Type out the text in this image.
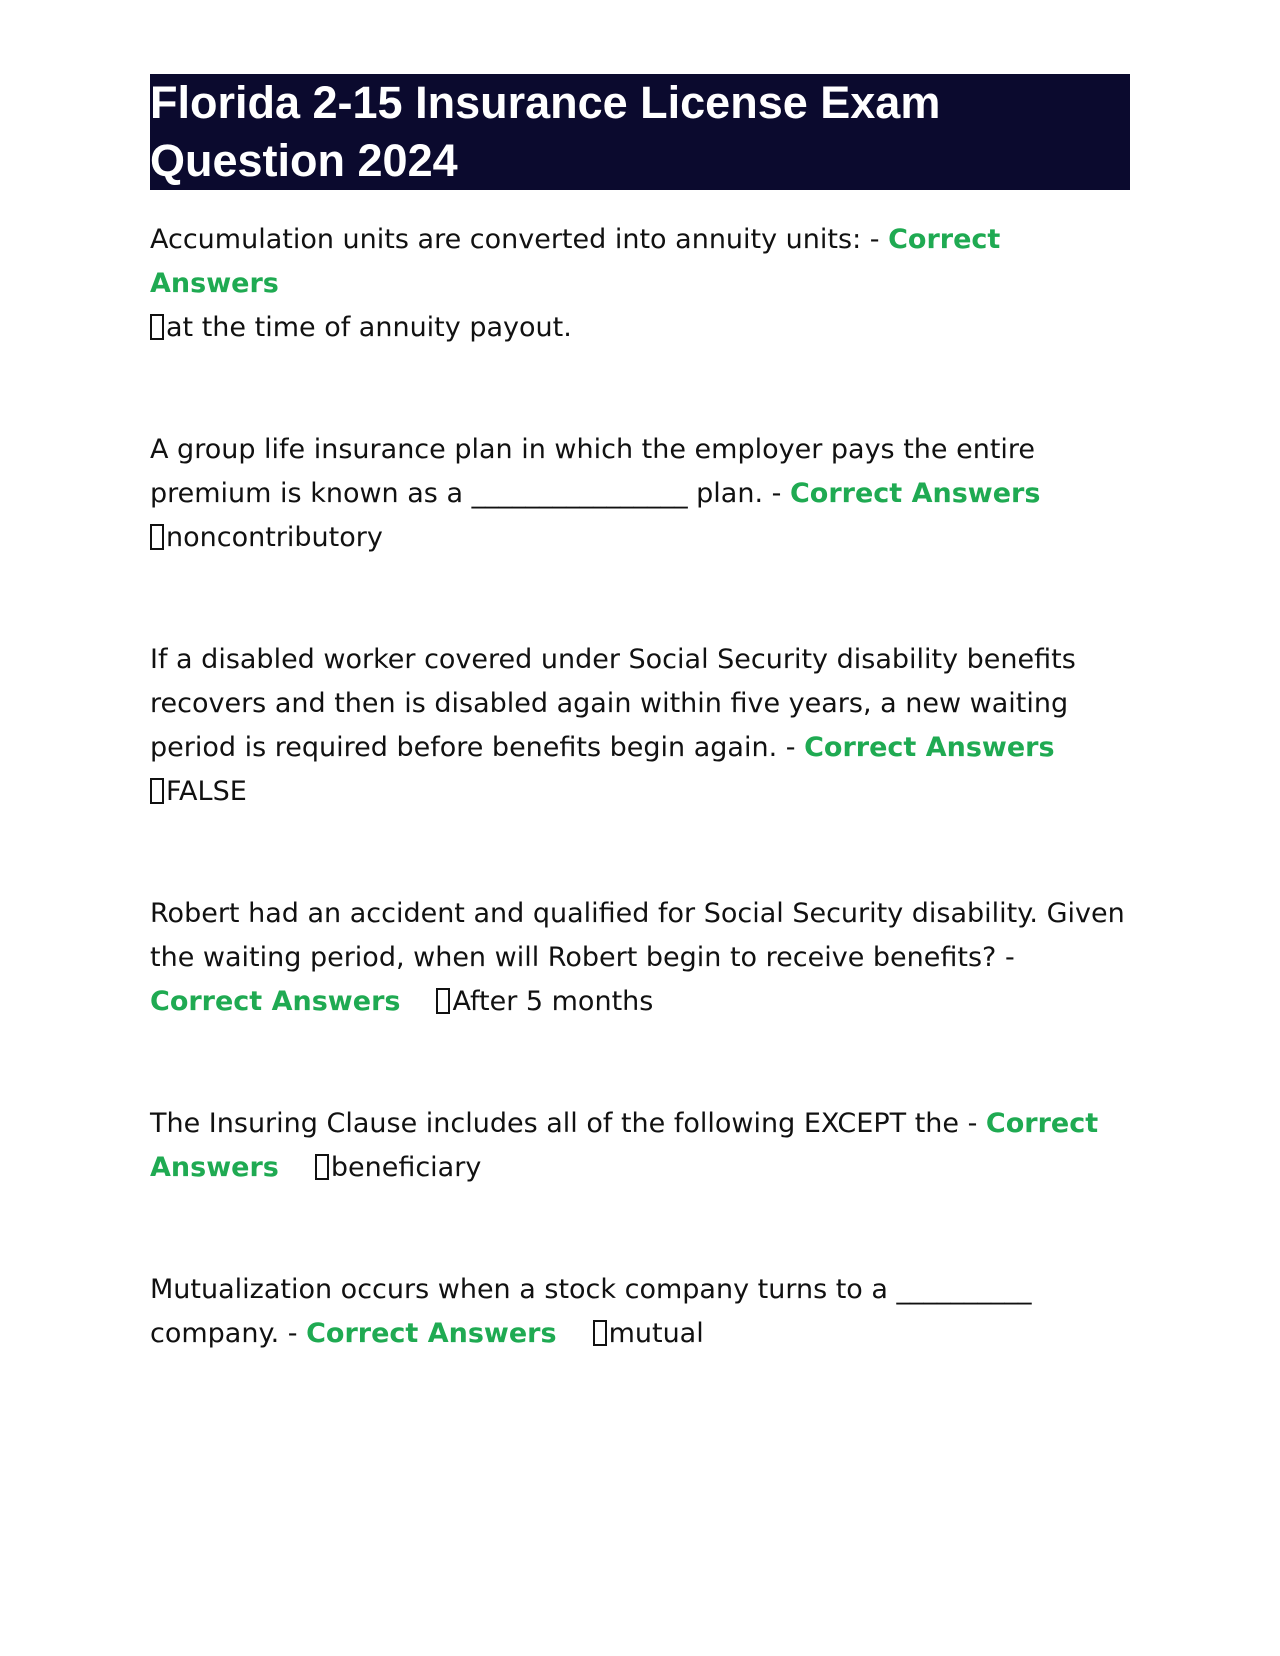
Florida 2-15 Insurance License Exam Question 2024
Accumulation units are converted into annuity units: - Correct Answers
at the time of annuity payout.
A group life insurance plan in which the employer pays the entire premium is known as a ________________ plan. - Correct Answers
noncontributory
If a disabled worker covered under Social Security disability benefits recovers and then is disabled again within five years, a new waiting period is required before benefits begin again. - Correct Answers
FALSE
Robert had an accident and qualified for Social Security disability. Given the waiting period, when will Robert begin to receive benefits? -
Correct Answers After 5 months
The Insuring Clause includes all of the following EXCEPT the - Correct Answers beneficiary
Mutualization occurs when a stock company turns to a __________ company. - Correct Answers mutual
